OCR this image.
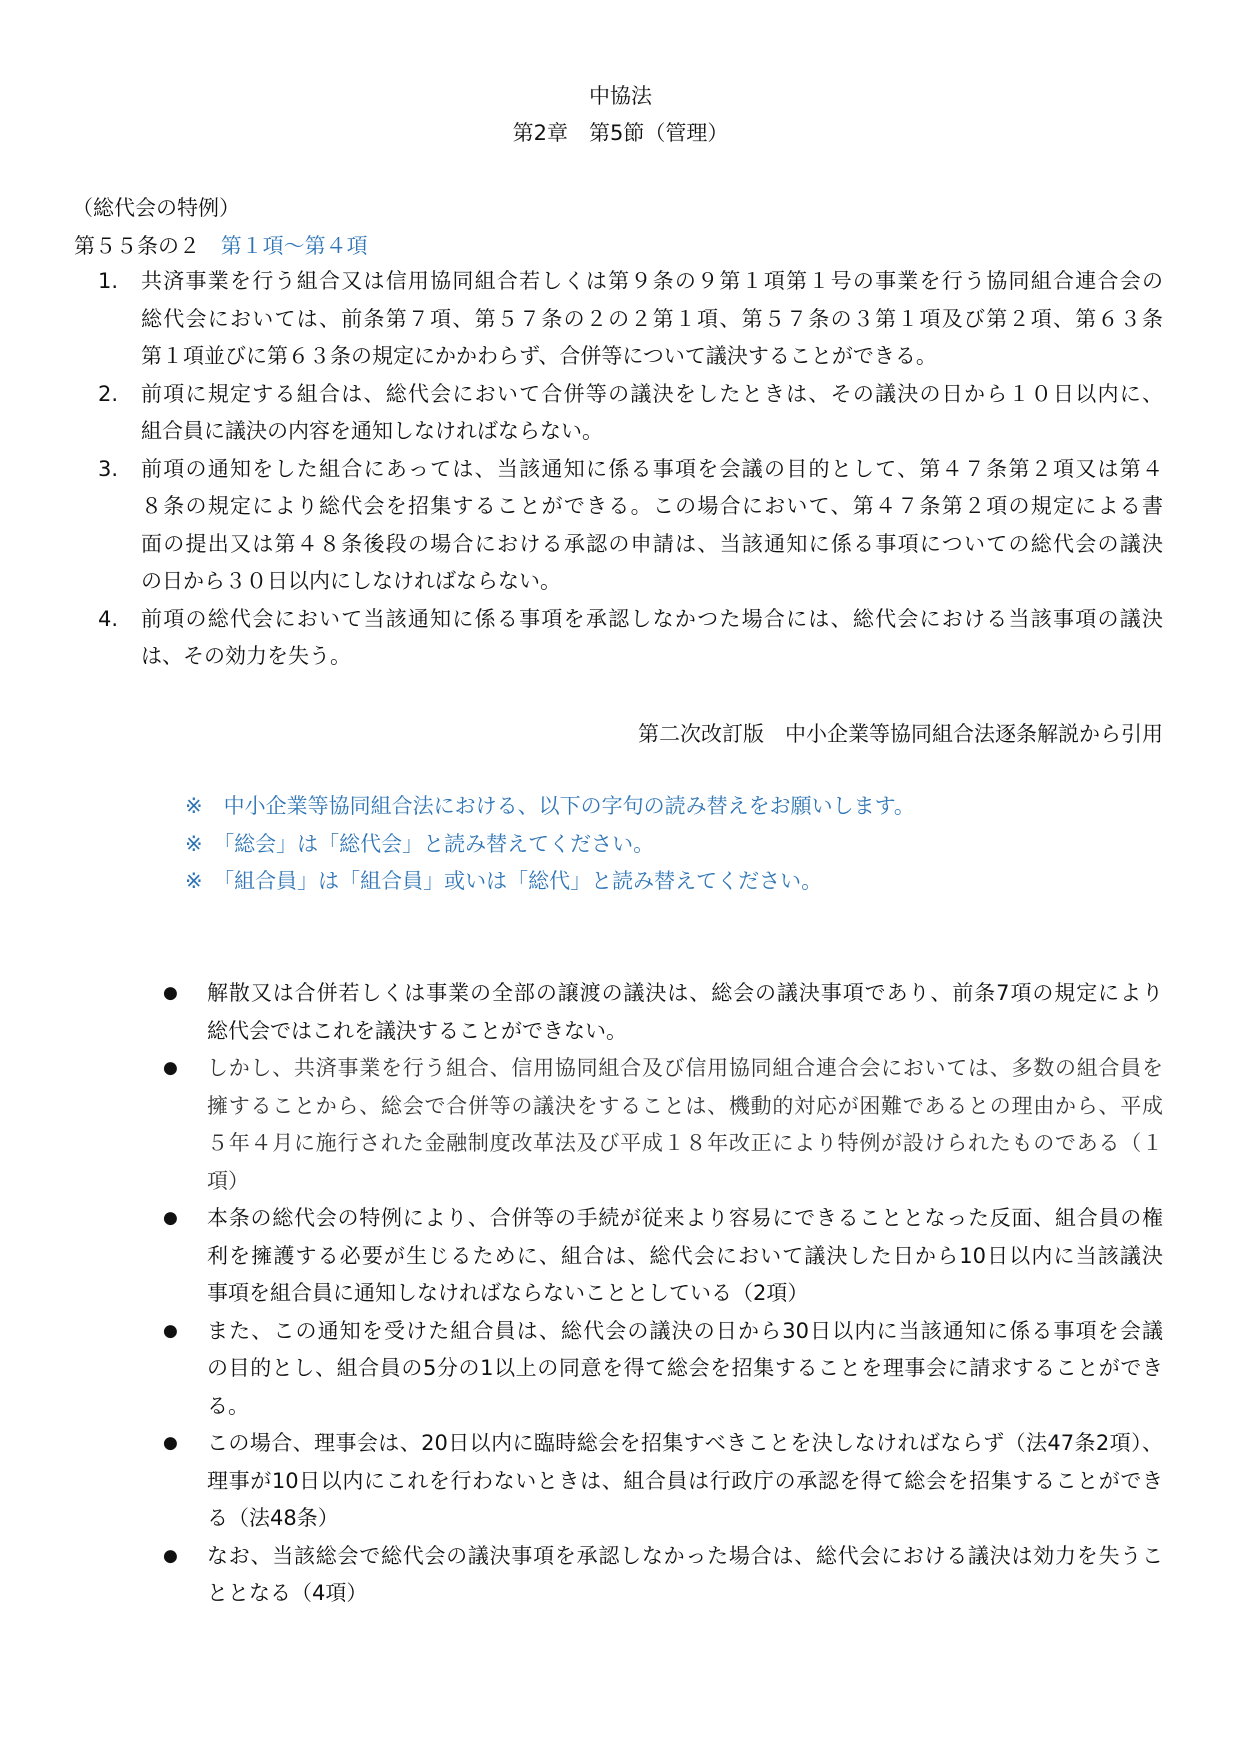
中協法
第2章　第5節（管理）
（総代会の特例）
第５５条の２ 第１項～第４項
1. 共済事業を行う組合又は信用協同組合若しくは第９条の９第１項第１号の事業を行う協同組合連合会の
総代会においては、前条第７項、第５７条の２の２第１項、第５７条の３第１項及び第２項、第６３条
第１項並びに第６３条の規定にかかわらず、合併等について議決することができる。
2. 前項に規定する組合は、総代会において合併等の議決をしたときは、その議決の日から１０日以内に、
組合員に議決の内容を通知しなければならない。
3. 前項の通知をした組合にあっては、当該通知に係る事項を会議の目的として、第４７条第２項又は第４
８条の規定により総代会を招集することができる。この場合において、第４７条第２項の規定による書
面の提出又は第４８条後段の場合における承認の申請は、当該通知に係る事項についての総代会の議決
の日から３０日以内にしなければならない。
4. 前項の総代会において当該通知に係る事項を承認しなかつた場合には、総代会における当該事項の議決
は、その効力を失う。
第二次改訂版　中小企業等協同組合法逐条解説から引用
※　中小企業等協同組合法における、以下の字句の読み替えをお願いします。
※　「総会」は「総代会」と読み替えてください。
※　「組合員」は「組合員」或いは「総代」と読み替えてください。
● 解散又は合併若しくは事業の全部の譲渡の議決は、総会の議決事項であり、前条7項の規定により
総代会ではこれを議決することができない。
● しかし、共済事業を行う組合、信用協同組合及び信用協同組合連合会においては、多数の組合員を
擁することから、総会で合併等の議決をすることは、機動的対応が困難であるとの理由から、平成
５年４月に施行された金融制度改革法及び平成１８年改正により特例が設けられたものである（１
項）
● 本条の総代会の特例により、合併等の手続が従来より容易にできることとなった反面、組合員の権
利を擁護する必要が生じるために、組合は、総代会において議決した日から10日以内に当該議決
事項を組合員に通知しなければならないこととしている（2項）
● また、この通知を受けた組合員は、総代会の議決の日から30日以内に当該通知に係る事項を会議
の目的とし、組合員の5分の1以上の同意を得て総会を招集することを理事会に請求することができ
る。
● この場合、理事会は、20日以内に臨時総会を招集すべきことを決しなければならず（法47条2項）、
理事が10日以内にこれを行わないときは、組合員は行政庁の承認を得て総会を招集することができ
る（法48条）
● なお、当該総会で総代会の議決事項を承認しなかった場合は、総代会における議決は効力を失うこ
ととなる（4項）
